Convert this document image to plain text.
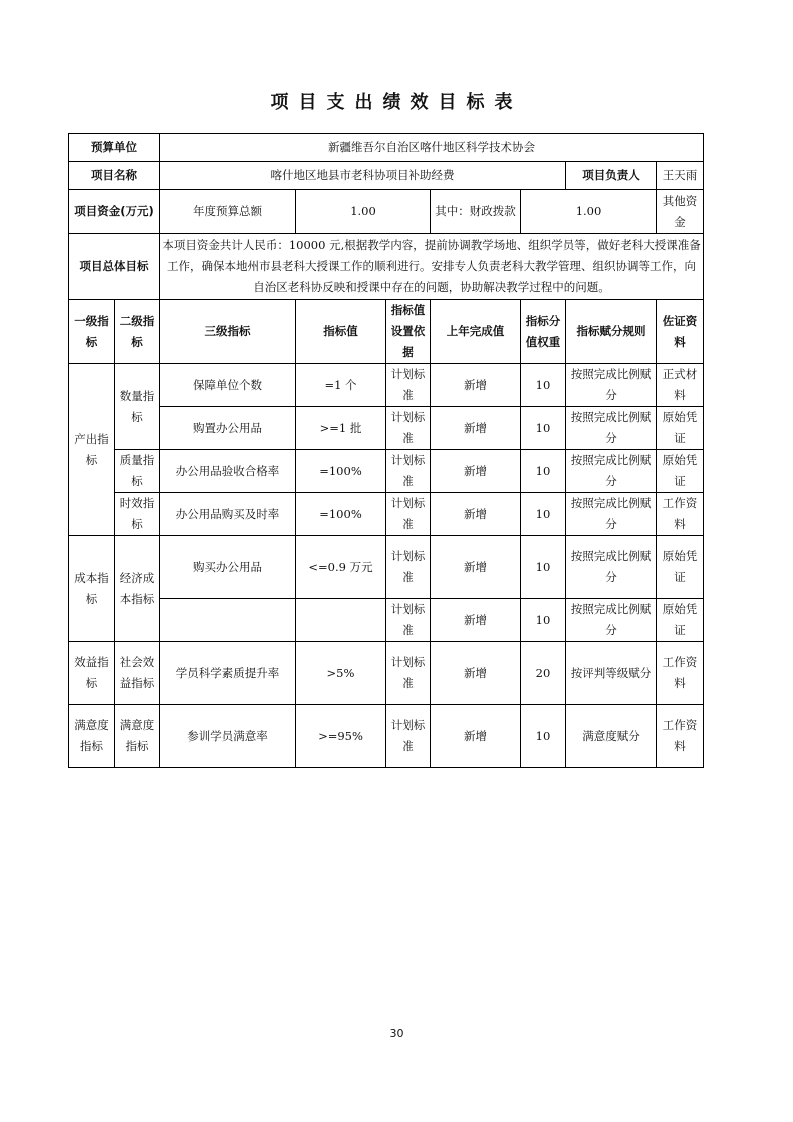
项目支出绩效目标表
预算单位		新疆维吾尔自治区喀什地区科学技术协会							
项目名称		喀什地区地县市老科协项目补助经费					项目负责人	王天雨	
项目资金(万元)		年度预算总额	1.00		其中：财政拨款	1.00		其他资金	
项目总体目标		本项目资金共计人民币：10000 元,根据教学内容，提前协调教学场地、组织学员等，做好老科大授课准备工作，确保本地州市县老科大授课工作的顺利进行。安排专人负责老科大教学管理、组织协调等工作，向自治区老科协反映和授课中存在的问题，协助解决教学过程中的问题。							
一级指标	二级指标	三级指标	指标值	指标值设置依据	上年完成值	指标分值权重	指标赋分规则	佐证资料	
产出指标	数量指标	保障单位个数	=1 个	计划标准	新增	10	按照完成比例赋分	正式材料	
		购置办公用品	>=1 批	计划标准	新增	10	按照完成比例赋分	原始凭证	
	质量指标	办公用品验收合格率	=100%	计划标准	新增	10	按照完成比例赋分	原始凭证	
	时效指标	办公用品购买及时率	=100%	计划标准	新增	10	按照完成比例赋分	工作资料	
成本指标	经济成本指标	购买办公用品	<=0.9 万元	计划标准	新增	10	按照完成比例赋分	原始凭证	
				计划标准	新增	10	按照完成比例赋分	原始凭证	
效益指标	社会效益指标	学员科学素质提升率	>5%	计划标准	新增	20	按评判等级赋分	工作资料	
满意度指标	满意度指标	参训学员满意率	>=95%	计划标准	新增	10	满意度赋分	工作资料	
30
